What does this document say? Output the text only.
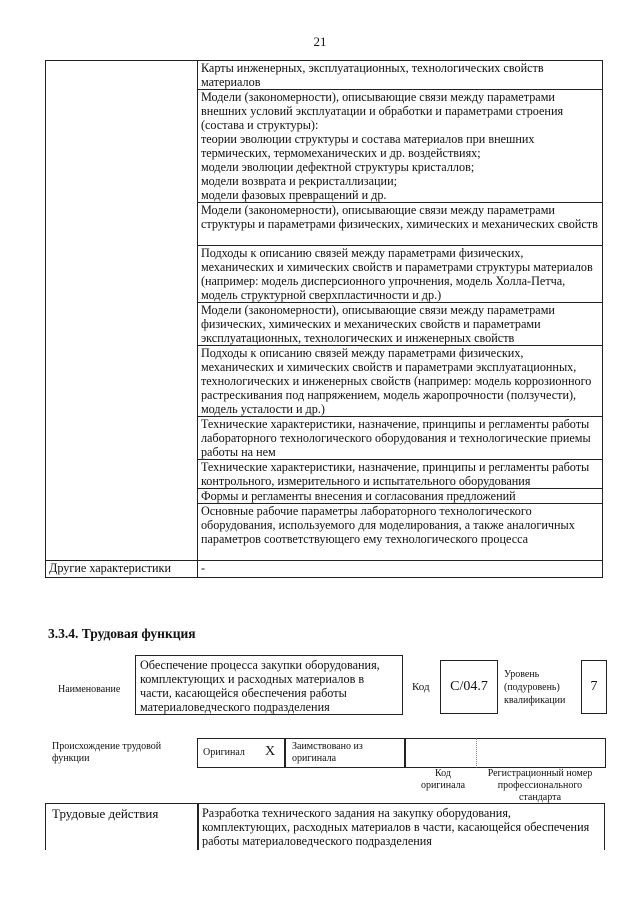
21
	Карты инженерных, эксплуатационных, технологических свойств материалов
	Модели (закономерности), описывающие связи между параметрами внешних условий эксплуатации и обработки и параметрами строения (состава и структуры):
теории эволюции структуры и состава материалов при внешних термических, термомеханических и др. воздействиях;
модели эволюции дефектной структуры кристаллов;
модели возврата и рекристаллизации;
модели фазовых превращений и др.
	Модели (закономерности), описывающие связи между параметрами структуры и параметрами физических, химических и механических свойств
	Подходы к описанию связей между параметрами физических, механических и химических свойств и параметрами структуры материалов (например: модель дисперсионного упрочнения, модель Холла-Петча, модель структурной сверхпластичности и др.)
	Модели (закономерности), описывающие связи между параметрами физических, химических и механических свойств и параметрами эксплуатационных, технологических и инженерных свойств
	Подходы к описанию связей между параметрами физических, механических и химических свойств и параметрами эксплуатационных, технологических и инженерных свойств (например: модель коррозионного растрескивания под напряжением, модель жаропрочности (ползучести), модель усталости и др.)
	Технические характеристики, назначение, принципы и регламенты работы лабораторного технологического оборудования и технологические приемы работы на нем
	Технические характеристики, назначение, принципы и регламенты работы контрольного, измерительного и испытательного оборудования
	Формы и регламенты внесения и согласования предложений
	Основные рабочие параметры лабораторного технологического оборудования, используемого для моделирования, а также аналогичных параметров соответствующего ему технологического процесса
Другие характеристики	-
3.3.4. Трудовая функция
Наименование
Обеспечение процесса закупки оборудования, комплектующих и расходных материалов в части, касающейся обеспечения работы материаловедческого подразделения
Код	С/04.7
Уровень (подуровень) квалификации
7
Происхождение трудовой функции
Оригинал X Заимствовано из оригинала
Код оригинала
Регистрационный номер профессионального стандарта
Трудовые действия	Разработка технического задания на закупку оборудования, комплектующих, расходных материалов в части, касающейся обеспечения работы материаловедческого подразделения
